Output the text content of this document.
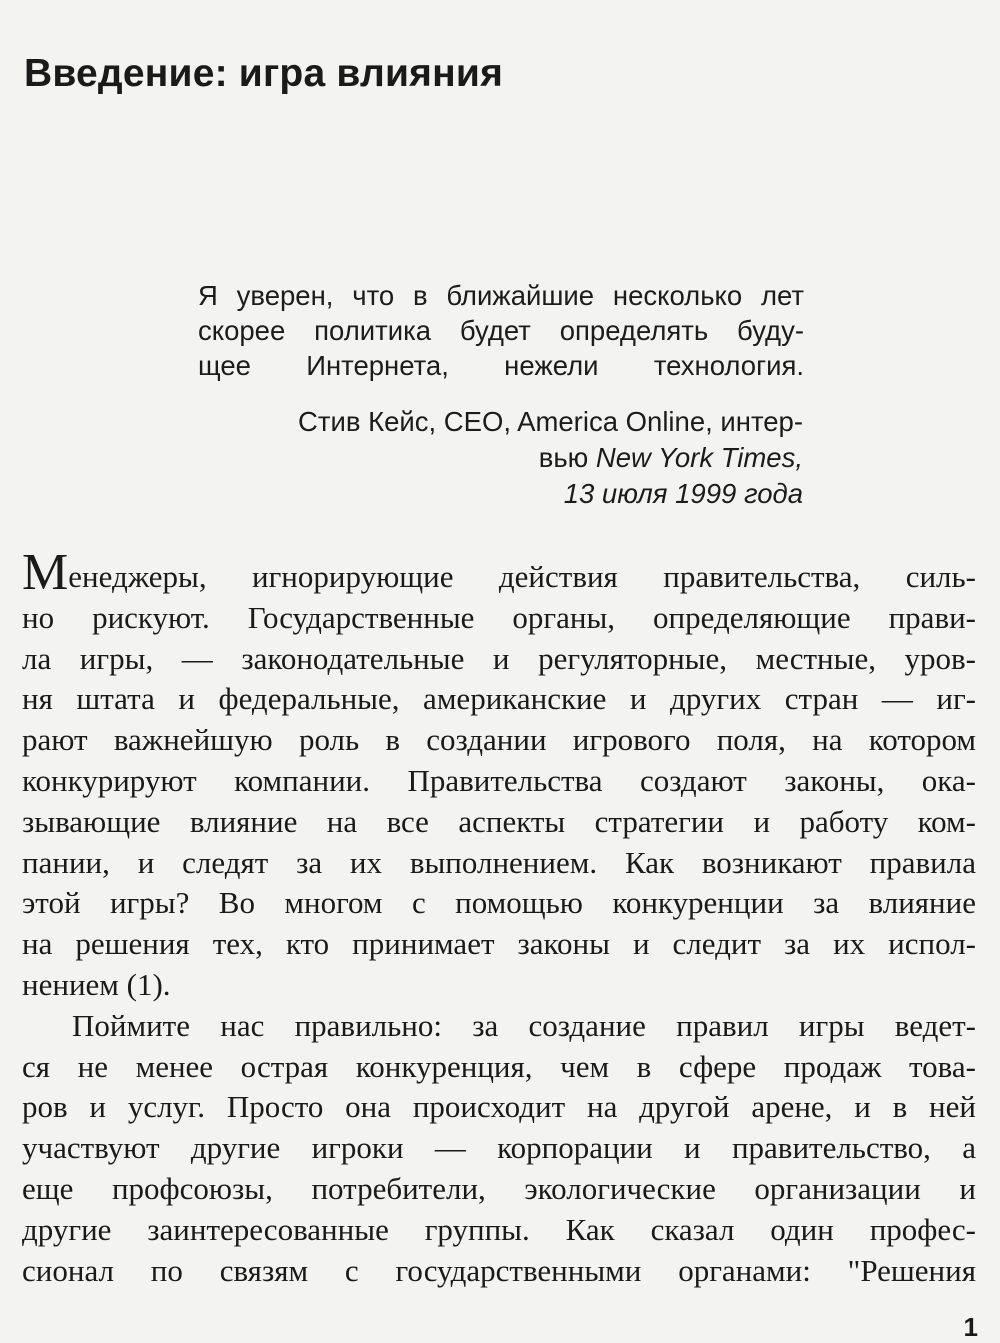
Введение: игра влияния
Я уверен, что в ближайшие несколько лет
скорее политика будет определять буду-
щее Интернета, нежели технология.
Стив Кейс, CEO, America Online, интер-
вью New York Times,
13 июля 1999 года
Менеджеры, игнорирующие действия правительства, силь-
но рискуют. Государственные органы, определяющие прави-
ла игры, — законодательные и регуляторные, местные, уров-
ня штата и федеральные, американские и других стран — иг-
рают важнейшую роль в создании игрового поля, на котором
конкурируют компании. Правительства создают законы, ока-
зывающие влияние на все аспекты стратегии и работу ком-
пании, и следят за их выполнением. Как возникают правила
этой игры? Во многом с помощью конкуренции за влияние
на решения тех, кто принимает законы и следит за их испол-
нением (1).
Поймите нас правильно: за создание правил игры ведет-
ся не менее острая конкуренция, чем в сфере продаж това-
ров и услуг. Просто она происходит на другой арене, и в ней
участвуют другие игроки — корпорации и правительство, а
еще профсоюзы, потребители, экологические организации и
другие заинтересованные группы. Как сказал один профес-
сионал по связям с государственными органами: "Решения
1
